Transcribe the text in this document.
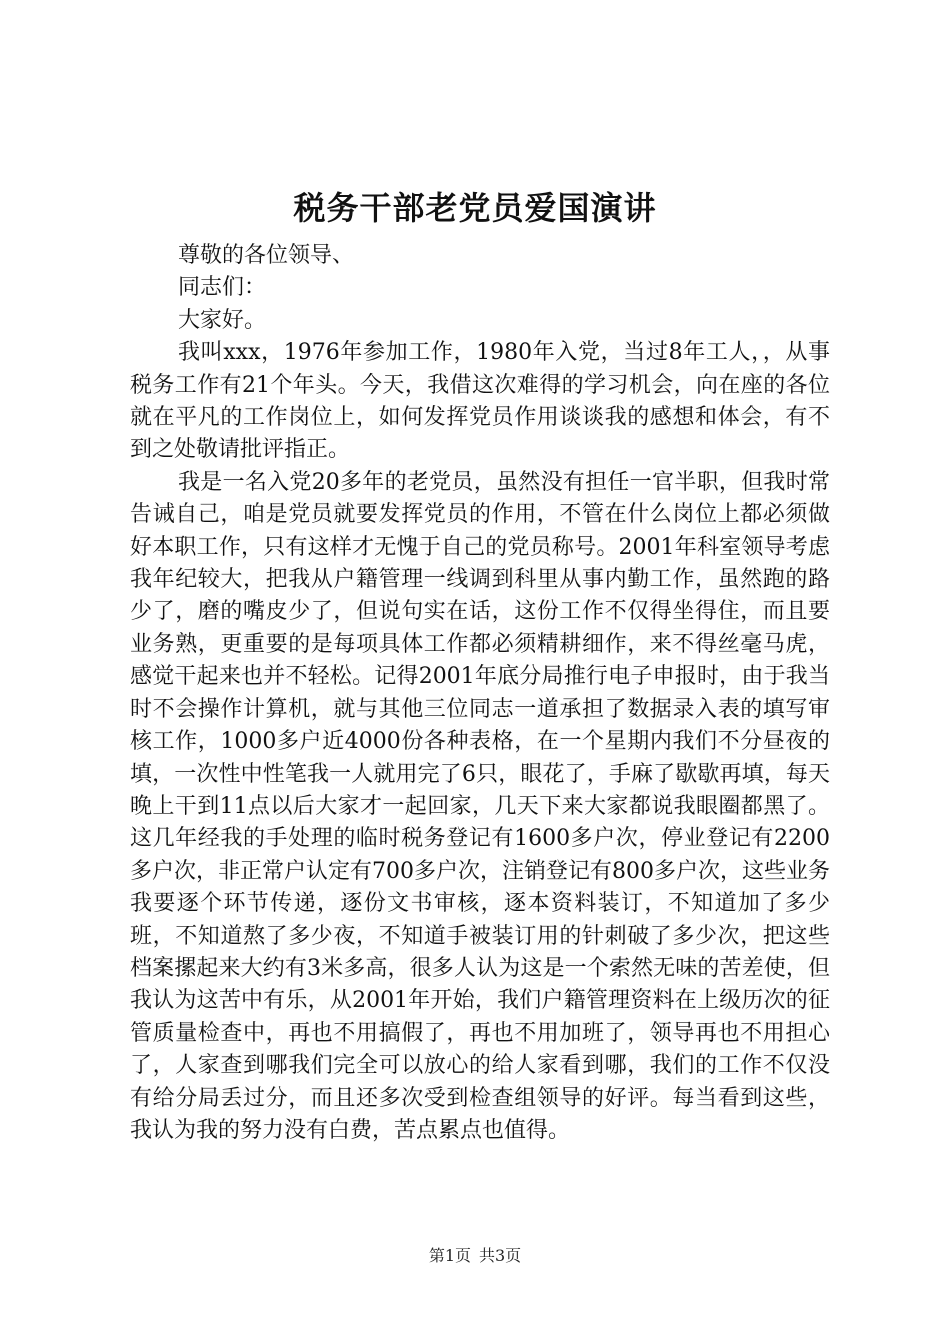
税务干部老党员爱国演讲

尊敬的各位领导、

同志们：

大家好。

我叫xxx，1976年参加工作，1980年入党，当过8年工人，，从事税务工作有21个年头。今天，我借这次难得的学习机会，向在座的各位就在平凡的工作岗位上，如何发挥党员作用谈谈我的感想和体会，有不到之处敬请批评指正。

我是一名入党20多年的老党员，虽然没有担任一官半职，但我时常告诫自己，咱是党员就要发挥党员的作用，不管在什么岗位上都必须做好本职工作，只有这样才无愧于自己的党员称号。2001年科室领导考虑我年纪较大，把我从户籍管理一线调到科里从事内勤工作，虽然跑的路少了，磨的嘴皮少了，但说句实在话，这份工作不仅得坐得住，而且要业务熟，更重要的是每项具体工作都必须精耕细作，来不得丝毫马虎，感觉干起来也并不轻松。记得2001年底分局推行电子申报时，由于我当时不会操作计算机，就与其他三位同志一道承担了数据录入表的填写审核工作，1000多户近4000份各种表格，在一个星期内我们不分昼夜的填，一次性中性笔我一人就用完了6只，眼花了，手麻了歇歇再填，每天晚上干到11点以后大家才一起回家，几天下来大家都说我眼圈都黑了。这几年经我的手处理的临时税务登记有1600多户次，停业登记有2200多户次，非正常户认定有700多户次，注销登记有800多户次，这些业务我要逐个环节传递，逐份文书审核，逐本资料装订，不知道加了多少班，不知道熬了多少夜，不知道手被装订用的针刺破了多少次，把这些档案摞起来大约有3米多高，很多人认为这是一个索然无味的苦差使，但我认为这苦中有乐，从2001年开始，我们户籍管理资料在上级历次的征管质量检查中，再也不用搞假了，再也不用加班了，领导再也不用担心了，人家查到哪我们完全可以放心的给人家看到哪，我们的工作不仅没有给分局丢过分，而且还多次受到检查组领导的好评。每当看到这些，我认为我的努力没有白费，苦点累点也值得。

第1页 共3页
